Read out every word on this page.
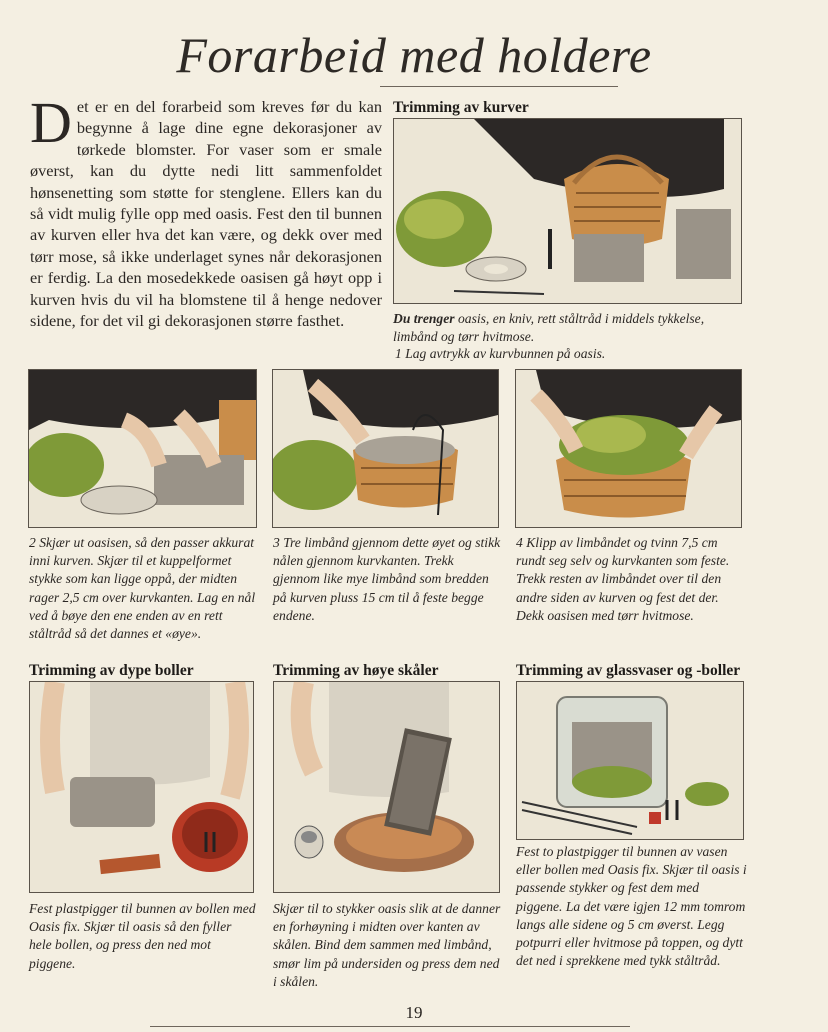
Forarbeid med holdere
Det er en del forarbeid som kreves før du kan begynne å lage dine egne dekorasjoner av tørkede blomster. For vaser som er smale øverst, kan du dytte nedi litt sammenfoldet hønsenetting som støtte for stenglene. Ellers kan du så vidt mulig fylle opp med oasis. Fest den til bunnen av kurven eller hva det kan være, og dekk over med tørr mose, så ikke underlaget synes når dekorasjonen er ferdig. La den mosedekkede oasisen gå høyt opp i kurven hvis du vil ha blomstene til å henge nedover sidene, for det vil gi dekorasjonen større fasthet.
Trimming av kurver
Du trenger oasis, en kniv, rett ståltråd i middels tykkelse, limbånd og tørr hvitmose.
1 Lag avtrykk av kurvbunnen på oasis.
2 Skjær ut oasisen, så den passer akkurat inni kurven. Skjær til et kuppelformet stykke som kan ligge oppå, der midten rager 2,5 cm over kurvkanten. Lag en nål ved å bøye den ene enden av en rett ståltråd så det dannes et «øye».
3 Tre limbånd gjennom dette øyet og stikk nålen gjennom kurvkanten. Trekk gjennom like mye limbånd som bredden på kurven pluss 15 cm til å feste begge endene.
4 Klipp av limbåndet og tvinn 7,5 cm rundt seg selv og kurvkanten som feste. Trekk resten av limbåndet over til den andre siden av kurven og fest det der. Dekk oasisen med tørr hvitmose.
Trimming av dype boller	Trimming av høye skåler	Trimming av glassvaser og -boller
Fest plastpigger til bunnen av bollen med Oasis fix. Skjær til oasis så den fyller hele bollen, og press den ned mot piggene.
Skjær til to stykker oasis slik at de danner en forhøyning i midten over kanten av skålen. Bind dem sammen med limbånd, smør lim på undersiden og press dem ned i skålen.
Fest to plastpigger til bunnen av vasen eller bollen med Oasis fix. Skjær til oasis i passende stykker og fest dem med piggene. La det være igjen 12 mm tomrom langs alle sidene og 5 cm øverst. Legg potpurri eller hvitmose på toppen, og dytt det ned i sprekkene med tykk ståltråd.
19
